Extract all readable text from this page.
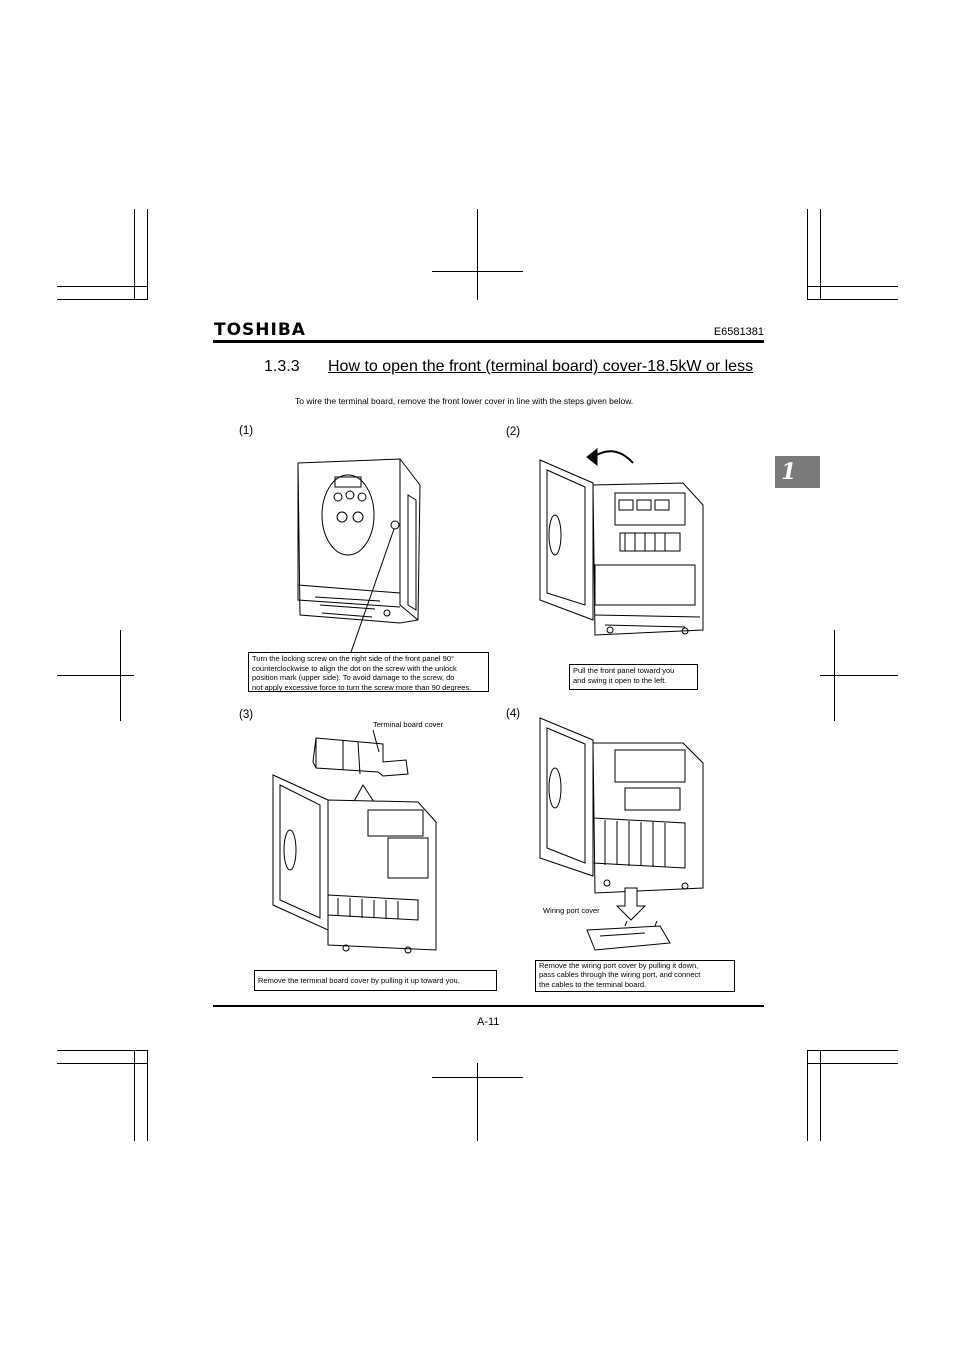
TOSHIBA	E6581381
1.3.3 How to open the front (terminal board) cover-18.5kW or less
To wire the terminal board, remove the front lower cover in line with the steps given below.
1
(1)	(2)
(3)	(4)
Turn the locking screw on the right side of the front panel 90°
counterclockwise to align the dot on the screw with the unlock
position mark (upper side). To avoid damage to the screw, do
not apply excessive force to turn the screw more than 90 degrees.
Pull the front panel toward you
and swing it open to the left.
Terminal board cover
Remove the terminal board cover by pulling it up toward you.
Wiring port cover
Remove the wiring port cover by pulling it down,
pass cables through the wiring port, and connect
the cables to the terminal board.
A-11
